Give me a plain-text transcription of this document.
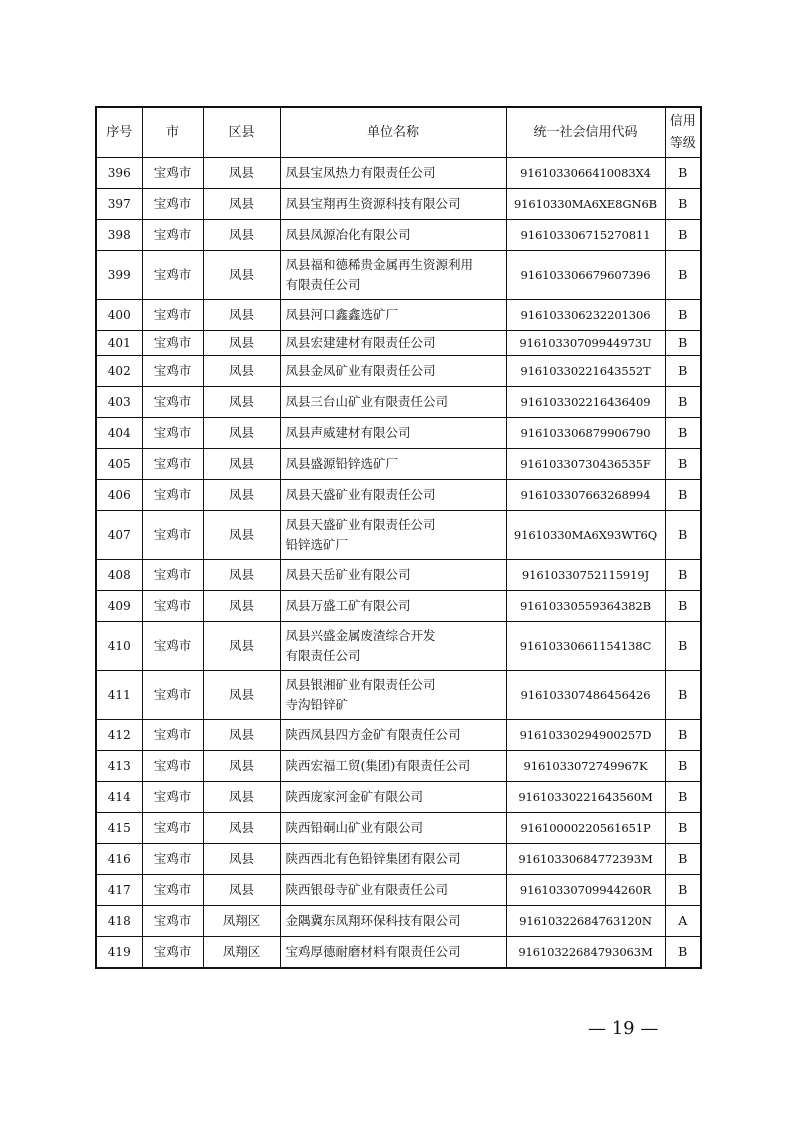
序号	市	区县	单位名称	统一社会信用代码	信用
等级

396	宝鸡市	凤县	凤县宝凤热力有限责任公司	9161033066410083X4	B
397	宝鸡市	凤县	凤县宝翔再生资源科技有限公司	91610330MA6XE8GN6B	B
398	宝鸡市	凤县	凤县凤源冶化有限公司	916103306715270811	B
399	宝鸡市	凤县	凤县福和德稀贵金属再生资源利用
有限责任公司	916103306679607396	B
400	宝鸡市	凤县	凤县河口鑫鑫选矿厂	916103306232201306	B
401	宝鸡市	凤县	凤县宏建建材有限责任公司	91610330709944973U	B
402	宝鸡市	凤县	凤县金凤矿业有限责任公司	91610330221643552T	B
403	宝鸡市	凤县	凤县三台山矿业有限责任公司	916103302216436409	B
404	宝鸡市	凤县	凤县声威建材有限公司	916103306879906790	B
405	宝鸡市	凤县	凤县盛源铅锌选矿厂	91610330730436535F	B
406	宝鸡市	凤县	凤县天盛矿业有限责任公司	916103307663268994	B
407	宝鸡市	凤县	凤县天盛矿业有限责任公司
铅锌选矿厂	91610330MA6X93WT6Q	B
408	宝鸡市	凤县	凤县天岳矿业有限公司	91610330752115919J	B
409	宝鸡市	凤县	凤县万盛工矿有限公司	91610330559364382B	B
410	宝鸡市	凤县	凤县兴盛金属废渣综合开发
有限责任公司	91610330661154138C	B
411	宝鸡市	凤县	凤县银湘矿业有限责任公司
寺沟铅锌矿	916103307486456426	B
412	宝鸡市	凤县	陕西凤县四方金矿有限责任公司	91610330294900257D	B
413	宝鸡市	凤县	陕西宏福工贸(集团)有限责任公司	9161033072749967K	B
414	宝鸡市	凤县	陕西庞家河金矿有限公司	91610330221643560M	B
415	宝鸡市	凤县	陕西铅硐山矿业有限公司	91610000220561651P	B
416	宝鸡市	凤县	陕西西北有色铅锌集团有限公司	91610330684772393M	B
417	宝鸡市	凤县	陕西银母寺矿业有限责任公司	91610330709944260R	B
418	宝鸡市	凤翔区	金隅冀东凤翔环保科技有限公司	91610322684763120N	A
419	宝鸡市	凤翔区	宝鸡厚德耐磨材料有限责任公司	91610322684793063M	B
— 19 —
